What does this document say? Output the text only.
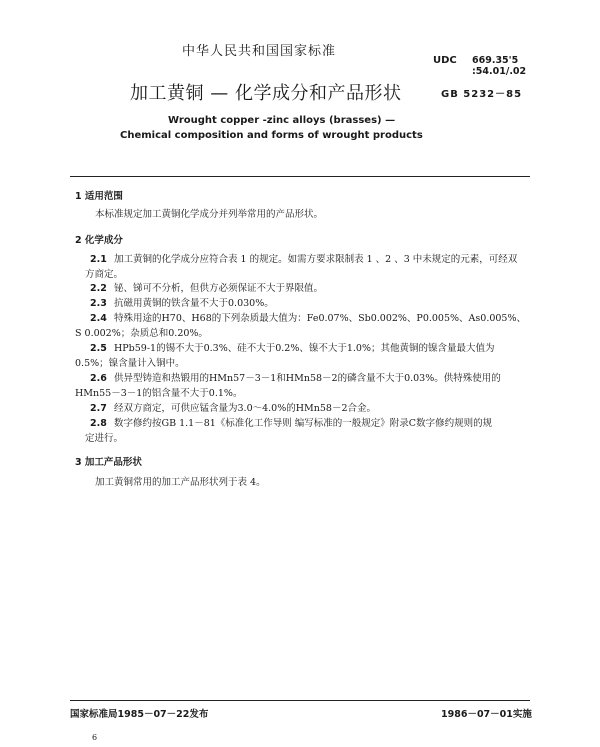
中华人民共和国国家标准
UDC 669.35'5
:54.01/.02
加工黄铜 — 化学成分和产品形状	GB 5232－85
Wrought copper -zinc alloys (brasses) —
Chemical composition and forms of wrought products
1 适用范围
本标准规定加工黄铜化学成分并列举常用的产品形状。
2 化学成分
2.1 加工黄铜的化学成分应符合表 1 的规定。如需方要求限制表 1 、2 、3 中未规定的元素，可经双
方商定。
2.2 铋、锑可不分析，但供方必须保证不大于界限值。
2.3 抗磁用黄铜的铁含量不大于0.030%。
2.4 特殊用途的H70、H68的下列杂质最大值为：Fe0.07%、Sb0.002%、P0.005%、As0.005%、
S 0.002%；杂质总和0.20%。
2.5 HPb59-1的锡不大于0.3%、硅不大于0.2%、镍不大于1.0%；其他黄铜的镍含量最大值为
0.5%；镍含量计入铜中。
2.6 供异型铸造和热锻用的HMn57－3－1和HMn58－2的磷含量不大于0.03%。供特殊使用的
HMn55－3－1的铝含量不大于0.1%。
2.7 经双方商定，可供应锰含量为3.0～4.0%的HMn58－2合金。
2.8 数字修约按GB 1.1－81《标准化工作导则 编写标准的一般规定》附录C数字修约规则的规
定进行。
3 加工产品形状
加工黄铜常用的加工产品形状列于表 4。
国家标准局1985－07－22发布	1986－07－01实施
6
